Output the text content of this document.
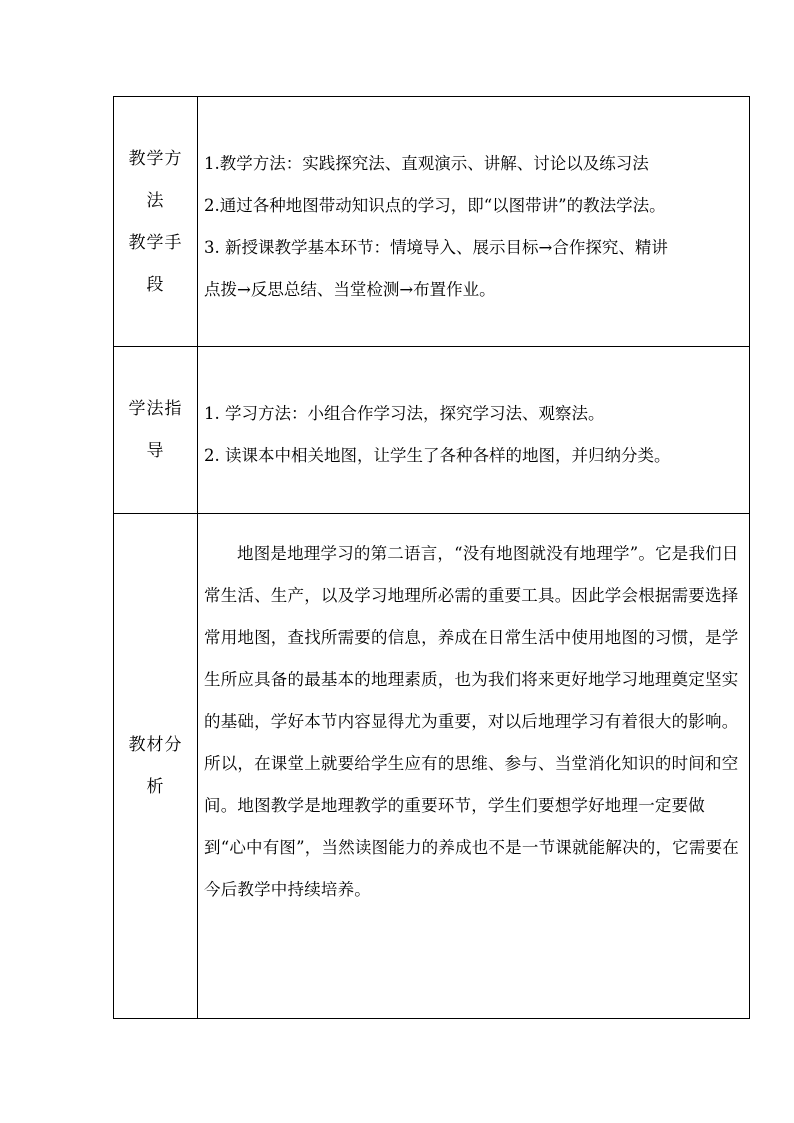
教学方
法
教学手
段	1.教学方法：实践探究法、直观演示、讲解、讨论以及练习法
2.通过各种地图带动知识点的学习，即“以图带讲”的教法学法。
3. 新授课教学基本环节：情境导入、展示目标→合作探究、精讲
点拨→反思总结、当堂检测→布置作业。

学法指
导	1. 学习方法：小组合作学习法，探究学习法、观察法。
2. 读课本中相关地图，让学生了各种各样的地图，并归纳分类。

教材分
析	地图是地理学习的第二语言，“没有地图就没有地理学”。它是我们日常生活、生产，以及学习地理所必需的重要工具。因此学会根据需要选择常用地图，查找所需要的信息，养成在日常生活中使用地图的习惯，是学生所应具备的最基本的地理素质，也为我们将来更好地学习地理奠定坚实的基础，学好本节内容显得尤为重要，对以后地理学习有着很大的影响。所以，在课堂上就要给学生应有的思维、参与、当堂消化知识的时间和空间。地图教学是地理教学的重要环节，学生们要想学好地理一定要做到“心中有图”，当然读图能力的养成也不是一节课就能解决的，它需要在今后教学中持续培养。
